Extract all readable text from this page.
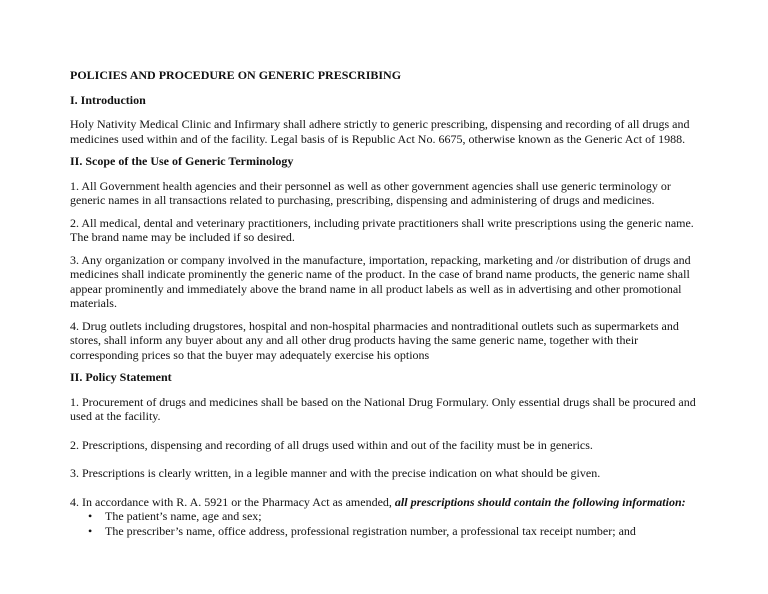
POLICIES AND PROCEDURE ON GENERIC PRESCRIBING
I. Introduction
Holy Nativity Medical Clinic and Infirmary shall adhere strictly to generic prescribing, dispensing and recording of all drugs and medicines used within and of the facility. Legal basis of is Republic Act No. 6675, otherwise known as the Generic Act of 1988.
II. Scope of the Use of Generic Terminology
1. All Government health agencies and their personnel as well as other government agencies shall use generic terminology or generic names in all transactions related to purchasing, prescribing, dispensing and administering of drugs and medicines.
2. All medical, dental and veterinary practitioners, including private practitioners shall write prescriptions using the generic name. The brand name may be included if so desired.
3. Any organization or company involved in the manufacture, importation, repacking, marketing and /or distribution of drugs and medicines shall indicate prominently the generic name of the product. In the case of brand name products, the generic name shall appear prominently and immediately above the brand name in all product labels as well as in advertising and other promotional materials.
4. Drug outlets including drugstores, hospital and non-hospital pharmacies and nontraditional outlets such as supermarkets and stores, shall inform any buyer about any and all other drug products having the same generic name, together with their corresponding prices so that the buyer may adequately exercise his options
II. Policy Statement
1. Procurement of drugs and medicines shall be based on the National Drug Formulary. Only essential drugs shall be procured and used at the facility.
2. Prescriptions, dispensing and recording of all drugs used within and out of the facility must be in generics.
3. Prescriptions is clearly written, in a legible manner and with the precise indication on what should be given.
4. In accordance with R. A. 5921 or the Pharmacy Act as amended, all prescriptions should contain the following information:
• The patient’s name, age and sex;
• The prescriber’s name, office address, professional registration number, a professional tax receipt number; and
